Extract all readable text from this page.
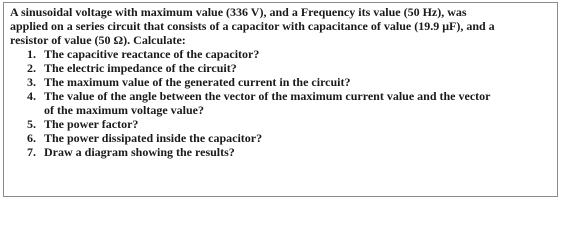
A sinusoidal voltage with maximum value (336 V), and a Frequency its value (50 Hz), was
applied on a series circuit that consists of a capacitor with capacitance of value (19.9 μF), and a
resistor of value (50 Ω). Calculate:
1. The capacitive reactance of the capacitor?
2. The electric impedance of the circuit?
3. The maximum value of the generated current in the circuit?
4. The value of the angle between the vector of the maximum current value and the vector
of the maximum voltage value?
5. The power factor?
6. The power dissipated inside the capacitor?
7. Draw a diagram showing the results?
